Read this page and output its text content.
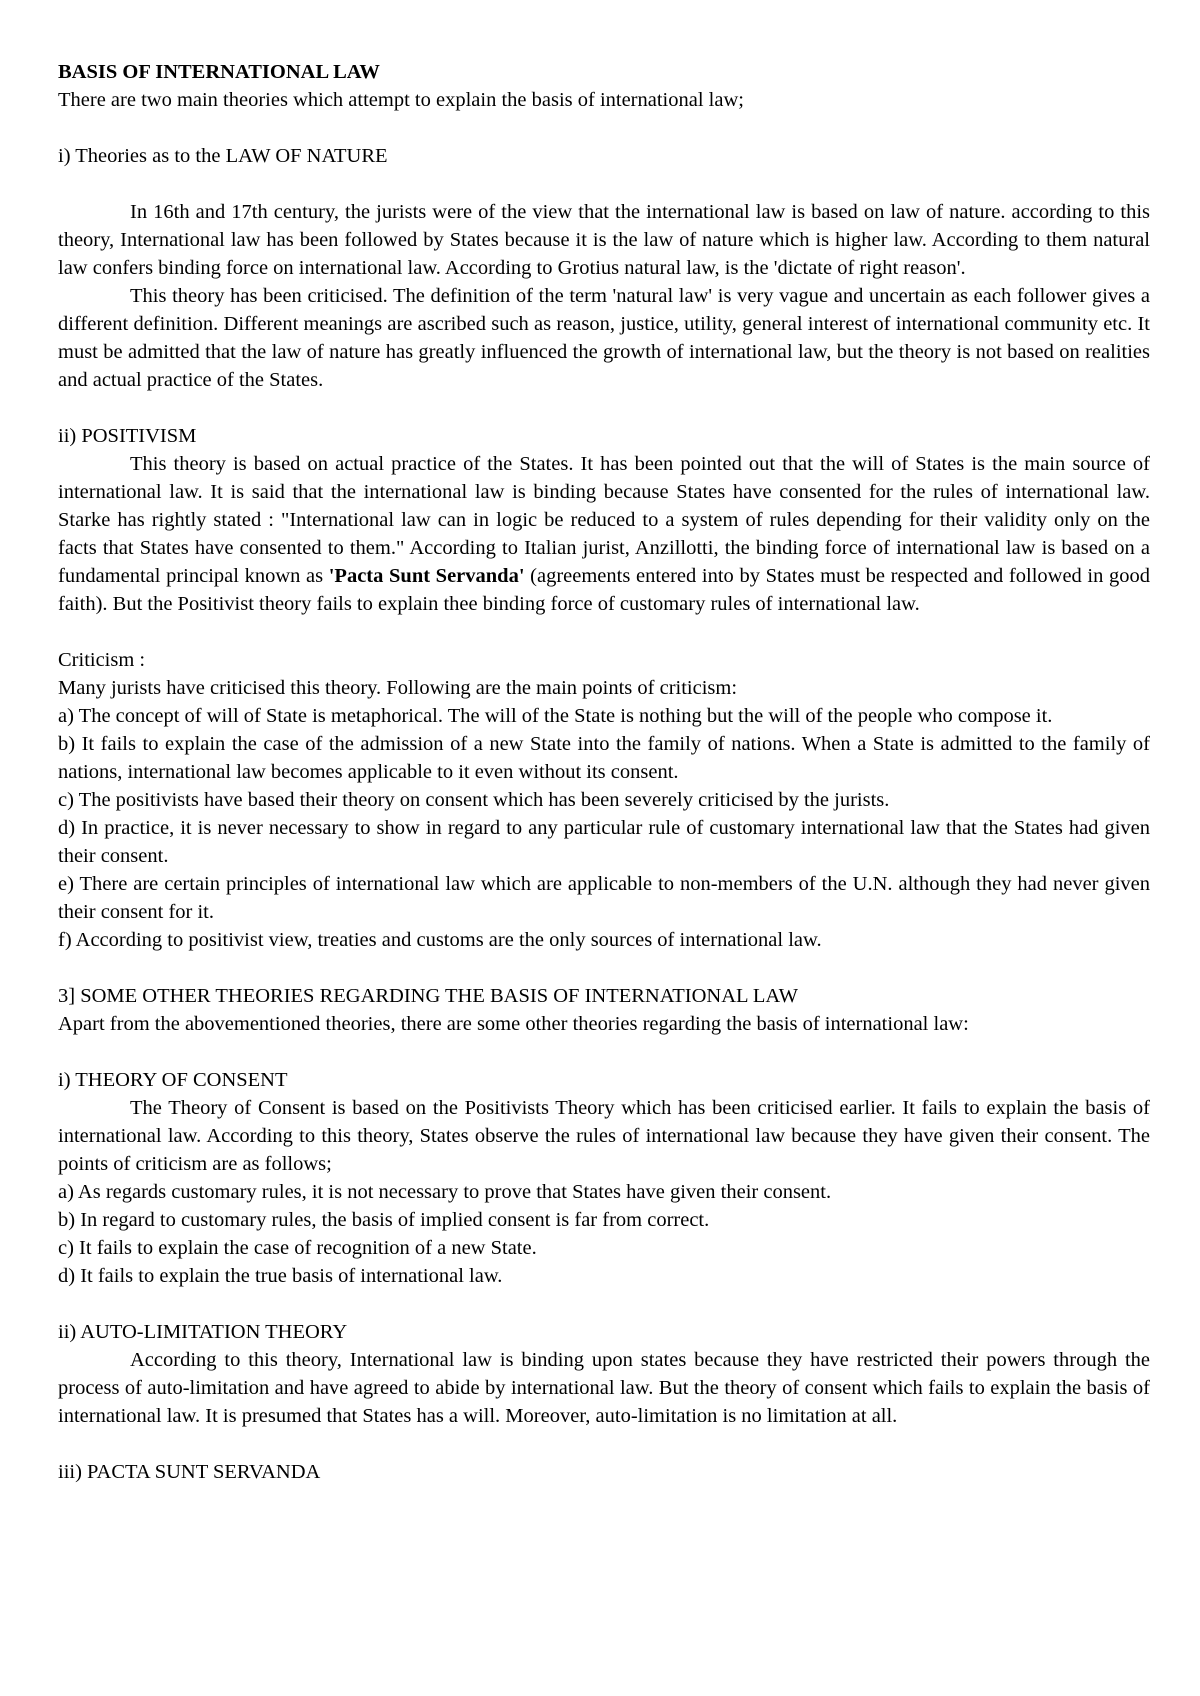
BASIS OF INTERNATIONAL LAW
There are two main theories which attempt to explain the basis of international law;
i) Theories as to the LAW OF NATURE

In 16th and 17th century, the jurists were of the view that the international law is based on law of nature. according to this theory, International law has been followed by States because it is the law of nature which is higher law. According to them natural law confers binding force on international law. According to Grotius natural law, is the 'dictate of right reason'.

This theory has been criticised. The definition of the term 'natural law' is very vague and uncertain as each follower gives a different definition. Different meanings are ascribed such as reason, justice, utility, general interest of international community etc. It must be admitted that the law of nature has greatly influenced the growth of international law, but the theory is not based on realities and actual practice of the States.

ii) POSITIVISM

This theory is based on actual practice of the States. It has been pointed out that the will of States is the main source of international law. It is said that the international law is binding because States have consented for the rules of international law. Starke has rightly stated : "International law can in logic be reduced to a system of rules depending for their validity only on the facts that States have consented to them." According to Italian jurist, Anzillotti, the binding force of international law is based on a fundamental principal known as 'Pacta Sunt Servanda' (agreements entered into by States must be respected and followed in good faith). But the Positivist theory fails to explain thee binding force of customary rules of international law.

Criticism :
Many jurists have criticised this theory. Following are the main points of criticism:

a) The concept of will of State is metaphorical. The will of the State is nothing but the will of the people who compose it.

b) It fails to explain the case of the admission of a new State into the family of nations. When a State is admitted to the family of nations, international law becomes applicable to it even without its consent.

c) The positivists have based their theory on consent which has been severely criticised by the jurists.

d) In practice, it is never necessary to show in regard to any particular rule of customary international law that the States had given their consent.

e) There are certain principles of international law which are applicable to non-members of the U.N. although they had never given their consent for it.

f) According to positivist view, treaties and customs are the only sources of international law.

3] SOME OTHER THEORIES REGARDING THE BASIS OF INTERNATIONAL LAW
Apart from the abovementioned theories, there are some other theories regarding the basis of international law:
i) THEORY OF CONSENT

The Theory of Consent is based on the Positivists Theory which has been criticised earlier. It fails to explain the basis of international law. According to this theory, States observe the rules of international law because they have given their consent. The points of criticism are as follows;

a) As regards customary rules, it is not necessary to prove that States have given their consent.

b) In regard to customary rules, the basis of implied consent is far from correct.

c) It fails to explain the case of recognition of a new State.

d) It fails to explain the true basis of international law.

ii) AUTO-LIMITATION THEORY

According to this theory, International law is binding upon states because they have restricted their powers through the process of auto-limitation and have agreed to abide by international law. But the theory of consent which fails to explain the basis of international law. It is presumed that States has a will. Moreover, auto-limitation is no limitation at all.

iii) PACTA SUNT SERVANDA
